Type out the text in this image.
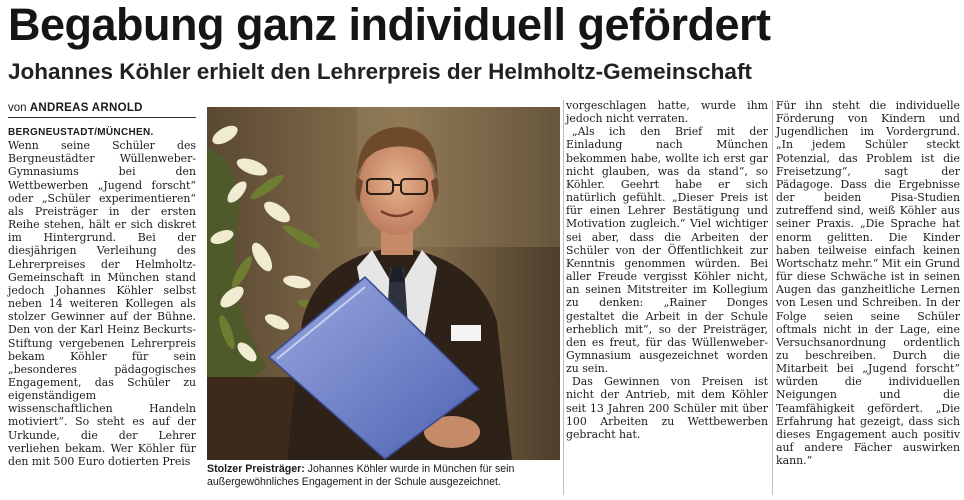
Begabung ganz individuell gefördert
Johannes Köhler erhielt den Lehrerpreis der Helmholtz-Gemeinschaft
von ANDREAS ARNOLD
BERGNEUSTADT/MÜNCHEN.

Wenn seine Schüler des Bergneustädter Wüllenweber-Gymnasiums bei den Wettbewerben „Jugend forscht“ oder „Schüler experimentieren“ als Preisträger in der ersten Reihe stehen, hält er sich diskret im Hintergrund. Bei der diesjährigen Verleihung des Lehrerpreises der Helmholtz-Gemeinschaft in München stand jedoch Johannes Köhler selbst neben 14 weiteren Kollegen als stolzer Gewinner auf der Bühne. Den von der Karl Heinz Beckurts-Stiftung vergebenen Lehrerpreis bekam Köhler für sein „besonderes pädagogisches Engagement, das Schüler zu eigenständigem wissenschaftlichen Handeln motiviert“. So steht es auf der Urkunde, die der Lehrer verliehen bekam. Wer Köhler für den mit 500 Euro dotierten Preis

Stolzer Preisträger: Johannes Köhler wurde in München für sein außergewöhnliches Engagement in der Schule ausgezeichnet.

vorgeschlagen hatte, wurde ihm jedoch nicht verraten.

„Als ich den Brief mit der Einladung nach München bekommen habe, wollte ich erst gar nicht glauben, was da stand“, so Köhler. Geehrt habe er sich natürlich gefühlt. „Dieser Preis ist für einen Lehrer Bestätigung und Motivation zugleich.“ Viel wichtiger sei aber, dass die Arbeiten der Schüler von der Öffentlichkeit zur Kenntnis genommen würden. Bei aller Freude vergisst Köhler nicht, an seinen Mitstreiter im Kollegium zu denken: „Rainer Donges gestaltet die Arbeit in der Schule erheblich mit“, so der Preisträger, den es freut, für das Wüllenweber-Gymnasium ausgezeichnet worden zu sein.

Das Gewinnen von Preisen ist nicht der Antrieb, mit dem Köhler seit 13 Jahren 200 Schüler mit über 100 Arbeiten zu Wettbewerben gebracht hat.

Für ihn steht die individuelle Förderung von Kindern und Jugendlichen im Vordergrund. „In jedem Schüler steckt Potenzial, das Problem ist die Freisetzung“, sagt der Pädagoge. Dass die Ergebnisse der beiden Pisa-Studien zutreffend sind, weiß Köhler aus seiner Praxis. „Die Sprache hat enorm gelitten. Die Kinder haben teilweise einfach keinen Wortschatz mehr.“ Mit ein Grund für diese Schwäche ist in seinen Augen das ganzheitliche Lernen von Lesen und Schreiben. In der Folge seien seine Schüler oftmals nicht in der Lage, eine Versuchsanordnung ordentlich zu beschreiben. Durch die Mitarbeit bei „Jugend forscht“ würden die individuellen Neigungen und die Teamfähigkeit gefördert. „Die Erfahrung hat gezeigt, dass sich dieses Engagement auch positiv auf andere Fächer auswirken kann.“
